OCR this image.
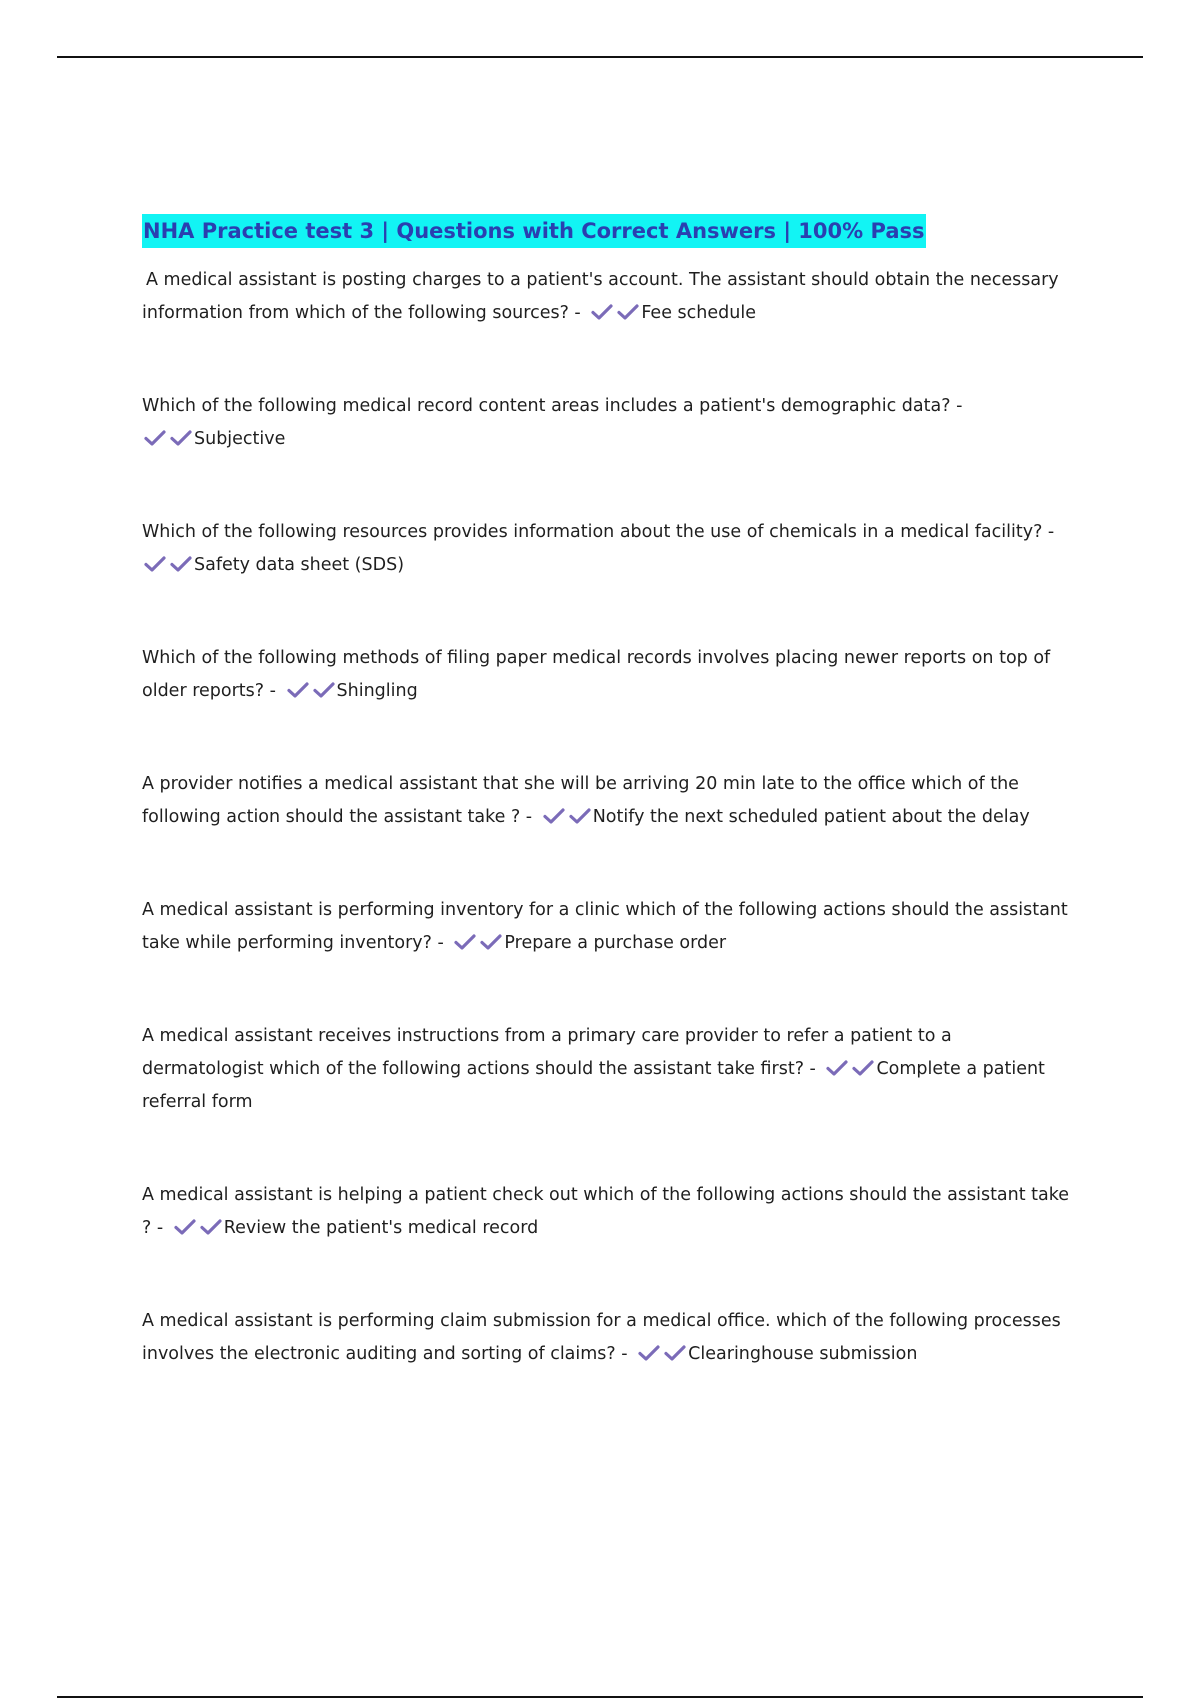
NHA Practice test 3 | Questions with Correct Answers | 100% Pass

A medical assistant is posting charges to a patient's account. The assistant should obtain the necessary information from which of the following sources? -	Fee schedule

Which of the following medical record content areas includes a patient's demographic data? -

Subjective

Which of the following resources provides information about the use of chemicals in a medical facility? -

Safety data sheet (SDS)

Which of the following methods of filing paper medical records involves placing newer reports on top of older reports? -	Shingling

A provider notifies a medical assistant that she will be arriving 20 min late to the office which of the following action should the assistant take ? -	Notify the next scheduled patient about the delay

A medical assistant is performing inventory for a clinic which of the following actions should the assistant take while performing inventory? -	Prepare a purchase order

A medical assistant receives instructions from a primary care provider to refer a patient to a dermatologist which of the following actions should the assistant take first? -	Complete a patient referral form

A medical assistant is helping a patient check out which of the following actions should the assistant take ? -	Review the patient's medical record

A medical assistant is performing claim submission for a medical office. which of the following processes involves the electronic auditing and sorting of claims? -	Clearinghouse submission
